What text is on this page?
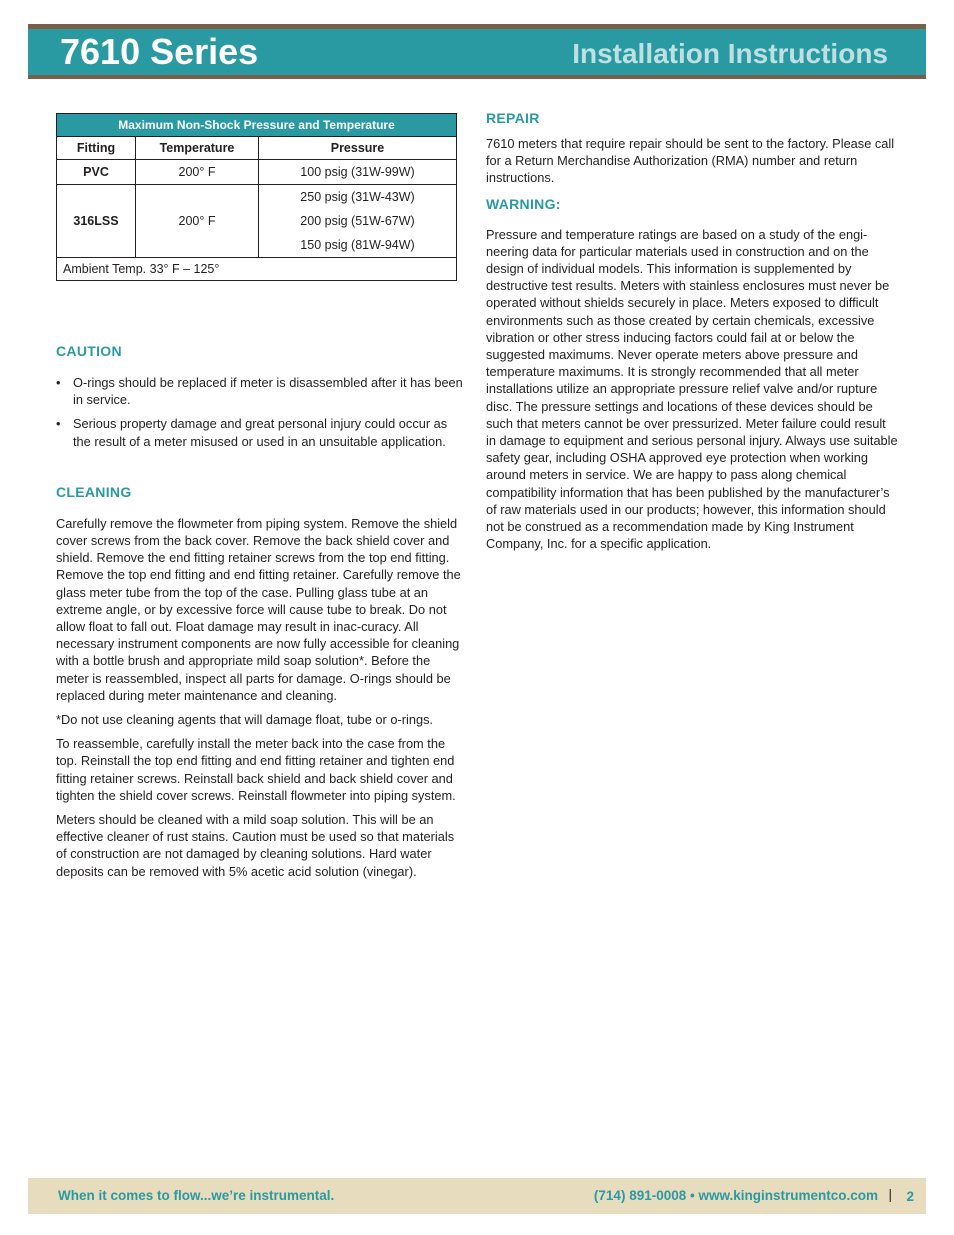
7610 Series	Installation Instructions
Maximum Non-Shock Pressure and Temperature		
Fitting	Temperature	Pressure
PVC	200° F	100 psig (31W-99W)
316LSS	200° F	250 psig (31W-43W)
200 psig (51W-67W)
150 psig (81W-94W)

Ambient Temp. 33° F – 125°		
CAUTION
• O-rings should be replaced if meter is disassembled after it has been in service.
• Serious property damage and great personal injury could occur as the result of a meter misused or used in an unsuitable application.
CLEANING

Carefully remove the flowmeter from piping system. Remove the shield cover screws from the back cover. Remove the back shield cover and shield. Remove the end fitting retainer screws from the top end fitting. Remove the top end fitting and end fitting retainer. Carefully remove the glass meter tube from the top of the case. Pulling glass tube at an extreme angle, or by excessive force will cause tube to break. Do not allow float to fall out. Float damage may result in inac-curacy. All necessary instrument components are now fully accessible for cleaning with a bottle brush and appropriate mild soap solution*. Before the meter is reassembled, inspect all parts for damage. O-rings should be replaced during meter maintenance and cleaning.

*Do not use cleaning agents that will damage float, tube or o-rings.

To reassemble, carefully install the meter back into the case from the top. Reinstall the top end fitting and end fitting retainer and tighten end fitting retainer screws. Reinstall back shield and back shield cover and tighten the shield cover screws. Reinstall flowmeter into piping system.

Meters should be cleaned with a mild soap solution. This will be an effective cleaner of rust stains. Caution must be used so that materials of construction are not damaged by cleaning solutions. Hard water deposits can be removed with 5% acetic acid solution (vinegar).

REPAIR

7610 meters that require repair should be sent to the factory. Please call for a Return Merchandise Authorization (RMA) number and return instructions.

WARNING:

Pressure and temperature ratings are based on a study of the engi-neering data for particular materials used in construction and on the design of individual models. This information is supplemented by destructive test results. Meters with stainless enclosures must never be operated without shields securely in place. Meters exposed to difficult environments such as those created by certain chemicals, excessive vibration or other stress inducing factors could fail at or below the suggested maximums. Never operate meters above pressure and temperature maximums. It is strongly recommended that all meter installations utilize an appropriate pressure relief valve and/or rupture disc. The pressure settings and locations of these devices should be such that meters cannot be over pressurized. Meter failure could result in damage to equipment and serious personal injury. Always use suitable safety gear, including OSHA approved eye protection when working around meters in service. We are happy to pass along chemical compatibility information that has been published by the manufacturer’s of raw materials used in our products; however, this information should not be construed as a recommendation made by King Instrument Company, Inc. for a specific application.

When it comes to flow...we’re instrumental.	(714) 891-0008 • www.kinginstrumentco.com | 2
